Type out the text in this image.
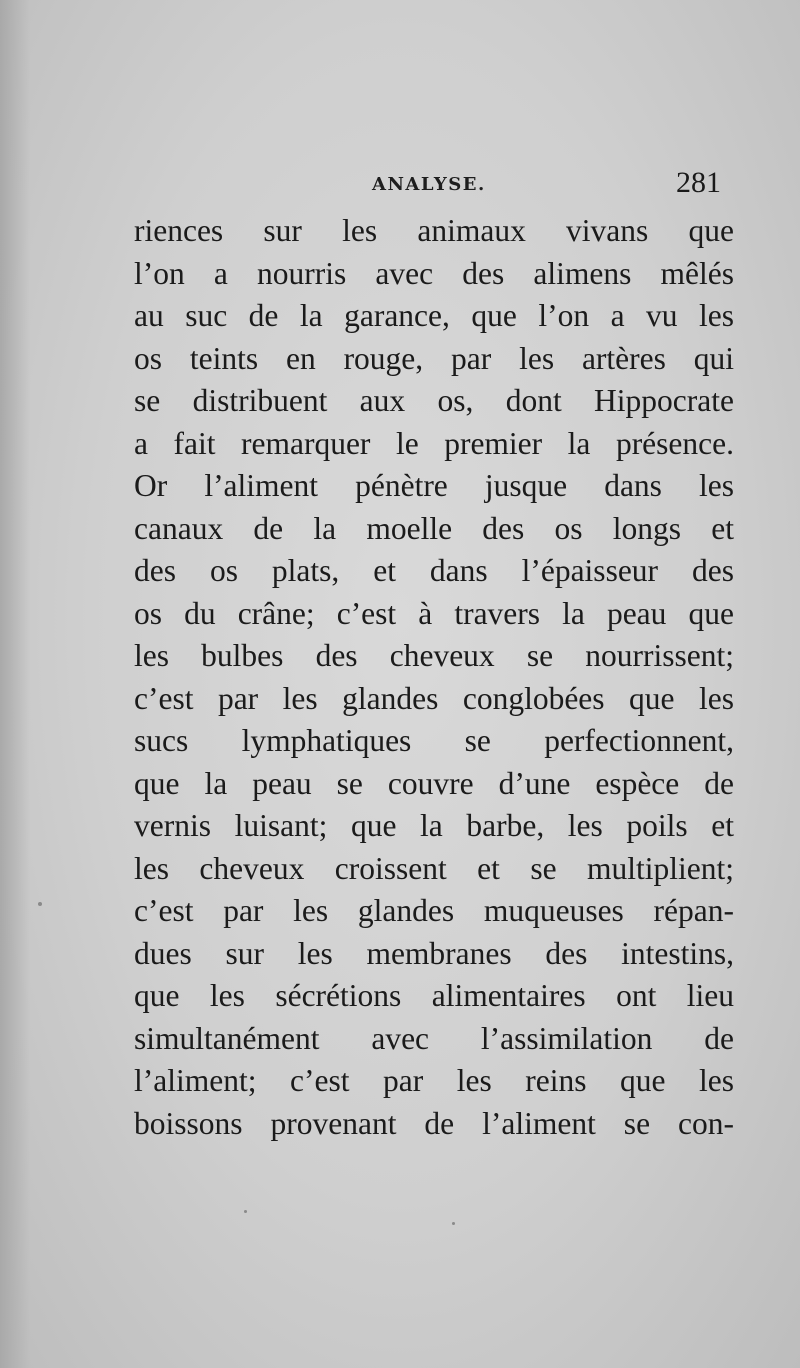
ANALYSE.	281
riences sur les animaux vivans que
l’on a nourris avec des alimens mêlés
au suc de la garance, que l’on a vu les
os teints en rouge, par les artères qui
se distribuent aux os, dont Hippocrate
a fait remarquer le premier la présence.
Or l’aliment pénètre jusque dans les
canaux de la moelle des os longs et
des os plats, et dans l’épaisseur des
os du crâne; c’est à travers la peau que
les bulbes des cheveux se nourrissent;
c’est par les glandes conglobées que les
sucs lymphatiques se perfectionnent,
que la peau se couvre d’une espèce de
vernis luisant; que la barbe, les poils et
les cheveux croissent et se multiplient;
c’est par les glandes muqueuses répan-
dues sur les membranes des intestins,
que les sécrétions alimentaires ont lieu
simultanément avec l’assimilation de
l’aliment; c’est par les reins que les
boissons provenant de l’aliment se con-
